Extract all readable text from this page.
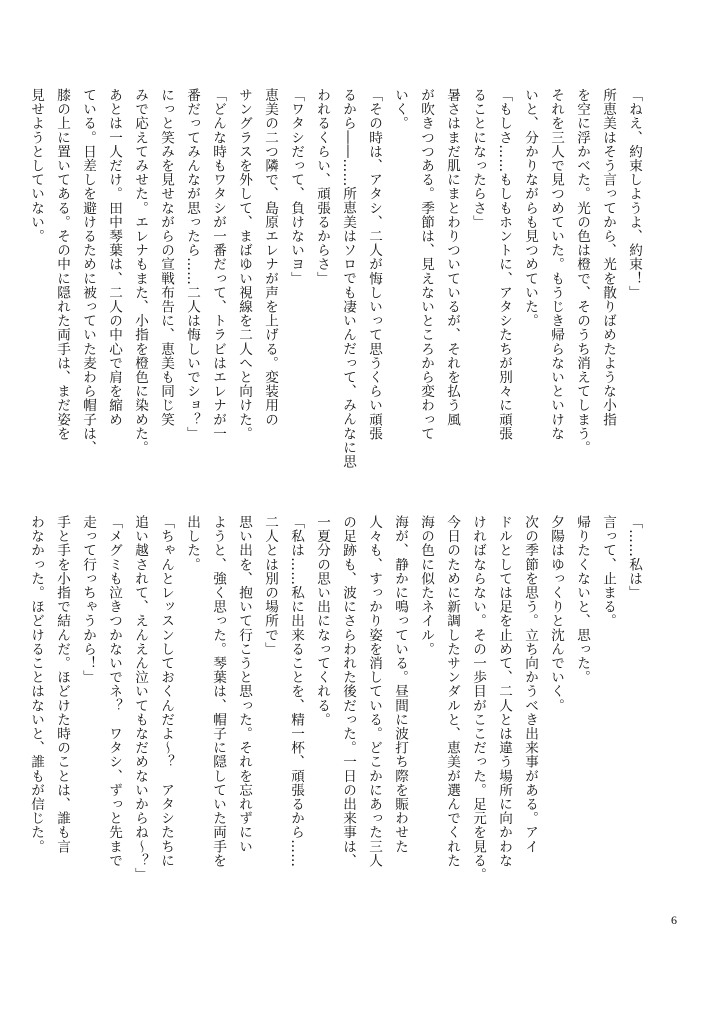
「ねえ、約束しようよ、約束！」

所恵美はそう言ってから、光を散りばめたような小指

を空に浮かべた。光の色は橙で、そのうち消えてしまう。

それを三人で見つめていた。もうじき帰らないといけな

いと、分かりながらも見つめていた。

「もしさ……もしもホントに、アタシたちが別々に頑張

ることになったらさ」

暑さはまだ肌にまとわりついているが、それを払う風

が吹きつつある。季節は、見えないところから変わって

いく。

「その時は、アタシ、二人が悔しいって思うくらい頑張

るから――……所恵美はソロでも凄いんだって、みんなに思

われるくらい、頑張るからさ」

「ワタシだって、負けないヨ」

恵美の二つ隣で、島原エレナが声を上げる。変装用の

サングラスを外して、まばゆい視線を二人へと向けた。

「どんな時もワタシが一番だって、トラビはエレナが一

番だってみんなが思ったら……二人は悔しいでショ？」

にっと笑みを見せながらの宣戦布告に、恵美も同じ笑

みで応えてみせた。エレナもまた、小指を橙色に染めた。

あとは一人だけ。田中琴葉は、二人の中心で肩を縮め

ている。日差しを避けるために被っていた麦わら帽子は、

膝の上に置いてある。その中に隠れた両手は、まだ姿を

見せようとしていない。

「……私は」

言って、止まる。

帰りたくないと、思った。

夕陽はゆっくりと沈んでいく。

次の季節を思う。立ち向かうべき出来事がある。アイ

ドルとしては足を止めて、二人とは違う場所に向かわな

ければならない。その一歩目がここだった。足元を見る。

今日のために新調したサンダルと、恵美が選んでくれた

海の色に似たネイル。

海が、静かに鳴っている。昼間に波打ち際を賑わせた

人々も、すっかり姿を消している。どこかにあった三人

の足跡も、波にさらわれた後だった。一日の出来事は、

一夏分の思い出になってくれる。

「私は……私に出来ることを、精一杯、頑張るから……

二人とは別の場所で」

思い出を、抱いて行こうと思った。それを忘れずにい

ようと、強く思った。琴葉は、帽子に隠していた両手を

出した。

「ちゃんとレッスンしておくんだよ～？　アタシたちに

追い越されて、えんえん泣いてもなだめないからね～？」

「メグミも泣きつかないでネ？　ワタシ、ずっと先まで

走って行っちゃうから！」

手と手を小指で結んだ。ほどけた時のことは、誰も言

わなかった。ほどけることはないと、誰もが信じた。

6
